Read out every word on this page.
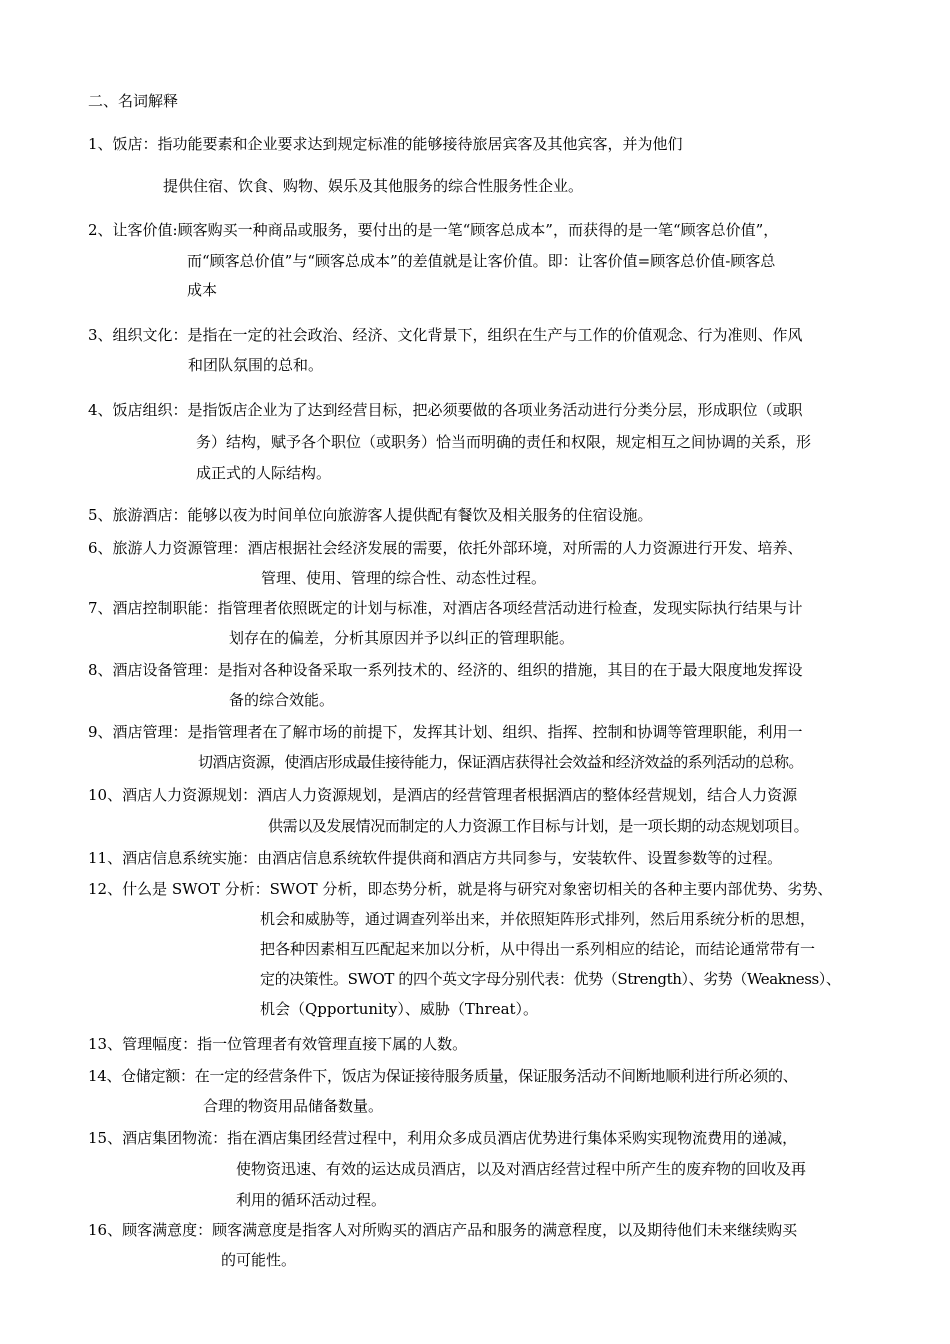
二、名词解释
1、饭店：指功能要素和企业要求达到规定标准的能够接待旅居宾客及其他宾客，并为他们
提供住宿、饮食、购物、娱乐及其他服务的综合性服务性企业。
2、让客价值:顾客购买一种商品或服务，要付出的是一笔“顾客总成本”，而获得的是一笔“顾客总价值”，
而“顾客总价值”与“顾客总成本”的差值就是让客价值。即：让客价值=顾客总价值-顾客总
成本
3、组织文化：是指在一定的社会政治、经济、文化背景下，组织在生产与工作的价值观念、行为准则、作风
和团队氛围的总和。
4、饭店组织：是指饭店企业为了达到经营目标，把必须要做的各项业务活动进行分类分层，形成职位（或职
务）结构，赋予各个职位（或职务）恰当而明确的责任和权限，规定相互之间协调的关系，形
成正式的人际结构。
5、旅游酒店：能够以夜为时间单位向旅游客人提供配有餐饮及相关服务的住宿设施。
6、旅游人力资源管理：酒店根据社会经济发展的需要，依托外部环境，对所需的人力资源进行开发、培养、
管理、使用、管理的综合性、动态性过程。
7、酒店控制职能：指管理者依照既定的计划与标准，对酒店各项经营活动进行检查，发现实际执行结果与计
划存在的偏差，分析其原因并予以纠正的管理职能。
8、酒店设备管理：是指对各种设备采取一系列技术的、经济的、组织的措施，其目的在于最大限度地发挥设
备的综合效能。
9、酒店管理：是指管理者在了解市场的前提下，发挥其计划、组织、指挥、控制和协调等管理职能，利用一
切酒店资源，使酒店形成最佳接待能力，保证酒店获得社会效益和经济效益的系列活动的总称。
10、酒店人力资源规划：酒店人力资源规划，是酒店的经营管理者根据酒店的整体经营规划，结合人力资源
供需以及发展情况而制定的人力资源工作目标与计划，是一项长期的动态规划项目。
11、酒店信息系统实施：由酒店信息系统软件提供商和酒店方共同参与，安装软件、设置参数等的过程。
12、什么是 SWOT 分析：SWOT 分析，即态势分析，就是将与研究对象密切相关的各种主要内部优势、劣势、
机会和威胁等，通过调查列举出来，并依照矩阵形式排列，然后用系统分析的思想，
把各种因素相互匹配起来加以分析，从中得出一系列相应的结论，而结论通常带有一
定的决策性。SWOT 的四个英文字母分别代表：优势（Strength）、劣势（Weakness）、
机会（Qpportunity）、威胁（Threat）。
13、管理幅度：指一位管理者有效管理直接下属的人数。
14、仓储定额：在一定的经营条件下，饭店为保证接待服务质量，保证服务活动不间断地顺利进行所必须的、
合理的物资用品储备数量。
15、酒店集团物流：指在酒店集团经营过程中，利用众多成员酒店优势进行集体采购实现物流费用的递减，
使物资迅速、有效的运达成员酒店，以及对酒店经营过程中所产生的废弃物的回收及再
利用的循环活动过程。
16、顾客满意度：顾客满意度是指客人对所购买的酒店产品和服务的满意程度，以及期待他们未来继续购买
的可能性。
